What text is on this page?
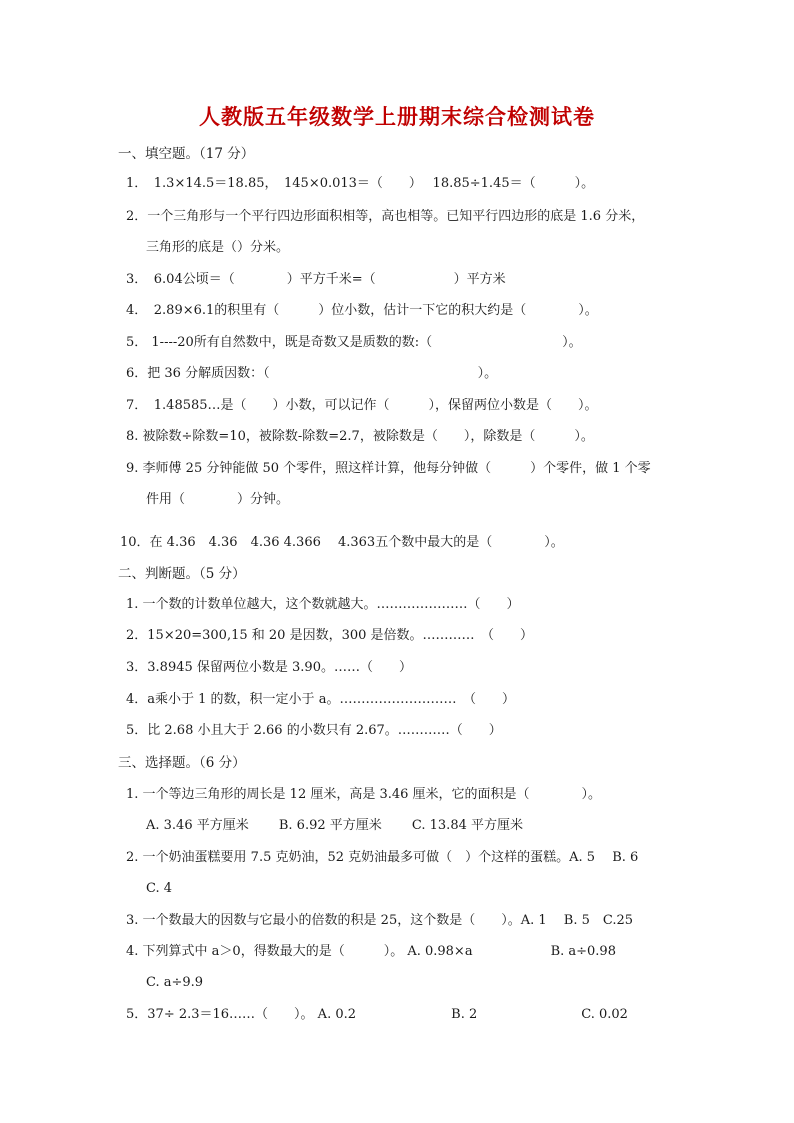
人教版五年级数学上册期末综合检测试卷
一、填空题。（17 分）
1．　1.3×14.5＝18.85，　145×0.013＝（　　）　 18.85÷1.45＝（　　　）。
2．一个三角形与一个平行四边形面积相等，高也相等。已知平行四边形的底是 1.6 分米，
三角形的底是（）分米。
3．　6.04公顷＝（　　　　）平方千米=（　　　　　　）平方米
4．　2.89×6.1的积里有（　　　）位小数，估计一下它的积大约是（　　　　）。
5． 1----20所有自然数中，既是奇数又是质数的数:（　　　　　　　　　　）。
6．把 36 分解质因数：（　　　　　　　　　　　　　　　　）。
7．　1.48585…是（　　）小数，可以记作（　　　），保留两位小数是（　　）。
8. 被除数÷除数=10，被除数-除数=2.7，被除数是（　　），除数是（　　　）。
9. 李师傅 25 分钟能做 50 个零件，照这样计算，他每分钟做（　　　）个零件，做 1 个零
件用（　　　　）分钟。
10．在 4.36　4.36　4.36 4.366　 4.363五个数中最大的是（　　　　）。
二、判断题。（5 分）
1. 一个数的计数单位越大，这个数就越大。…………………（　　）
2．15×20=300,15 和 20 是因数，300 是倍数。…………　（　　）
3．3.8945 保留两位小数是 3.90。……（　　）
4．a乘小于 1 的数，积一定小于 a。………………………　（　　）
5．比 2.68 小且大于 2.66 的小数只有 2.67。…………（　　）
三、选择题。（6 分）
1. 一个等边三角形的周长是 12 厘米，高是 3.46 厘米，它的面积是（　　　　）。
A. 3.46 平方厘米　　 B. 6.92 平方厘米　　 C. 13.84 平方厘米
2. 一个奶油蛋糕要用 7.5 克奶油，52 克奶油最多可做（　）个这样的蛋糕。A. 5　 B. 6
C. 4
3. 一个数最大的因数与它最小的倍数的积是 25，这个数是（　　）。A. 1　 B. 5　C.25
4. 下列算式中 a＞0，得数最大的是（　　　）。 A. 0.98×a　　　　　　B. a÷0.98
C. a÷9.9
5．37÷ 2.3＝16……（　　）。 A. 0.2　　　　　　　 B. 2　　　　　　　　C. 0.02
